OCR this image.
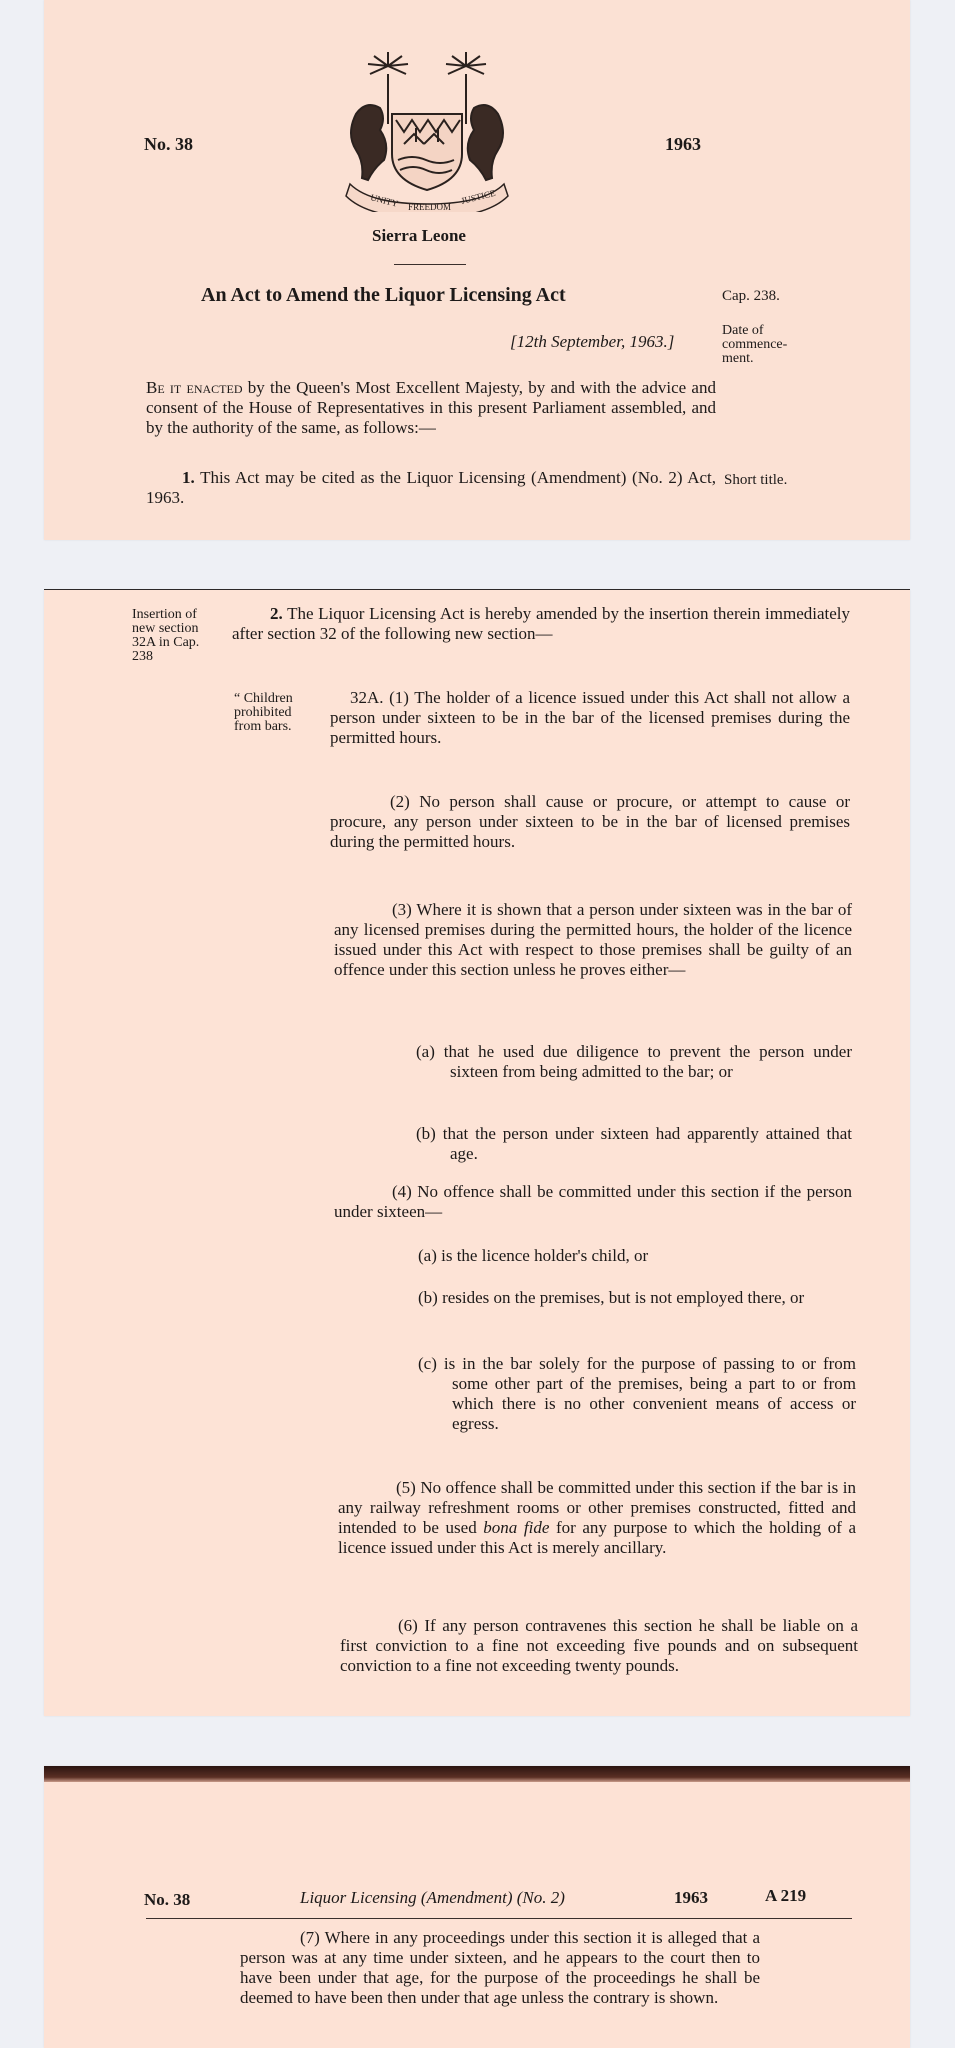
No. 38	1963

UNITY FREEDOM
JUSTICE

Sierra Leone

An Act to Amend the Liquor Licensing Act	Cap. 238.

[12th September, 1963.]

Date of
commence-
ment.

Be it enacted by the Queen's Most Excellent Majesty, by and with the advice and consent of the House of Representatives in this present Parliament assembled, and by the authority of the same, as follows:—

1. This Act may be cited as the Liquor Licensing (Amendment) (No. 2) Act, 1963.

Short title.

Insertion of
new section
32A in Cap.
238

2. The Liquor Licensing Act is hereby amended by the insertion therein immediately after section 32 of the following new section—

“ Children
prohibited
from bars.

32A. (1) The holder of a licence issued under this Act shall not allow a person under sixteen to be in the bar of the licensed premises during the permitted hours.

(2) No person shall cause or procure, or attempt to cause or procure, any person under sixteen to be in the bar of licensed premises during the permitted hours.

(3) Where it is shown that a person under sixteen was in the bar of any licensed premises during the permitted hours, the holder of the licence issued under this Act with respect to those premises shall be guilty of an offence under this section unless he proves either—

(a) that he used due diligence to prevent the person under sixteen from being admitted to the bar; or

(b) that the person under sixteen had apparently attained that age.

(4) No offence shall be committed under this section if the person under sixteen—

(a) is the licence holder's child, or

(b) resides on the premises, but is not employed there, or

(c) is in the bar solely for the purpose of passing to or from some other part of the premises, being a part to or from which there is no other convenient means of access or egress.

(5) No offence shall be committed under this section if the bar is in any railway refreshment rooms or other premises constructed, fitted and intended to be used bona fide for any purpose to which the holding of a licence issued under this Act is merely ancillary.

(6) If any person contravenes this section he shall be liable on a first conviction to a fine not exceeding five pounds and on subsequent conviction to a fine not exceeding twenty pounds.

No. 38	Liquor Licensing (Amendment) (No. 2)	1963	A 219

(7) Where in any proceedings under this section it is alleged that a person was at any time under sixteen, and he appears to the court then to have been under that age, for the purpose of the proceedings he shall be deemed to have been then under that age unless the contrary is shown.
